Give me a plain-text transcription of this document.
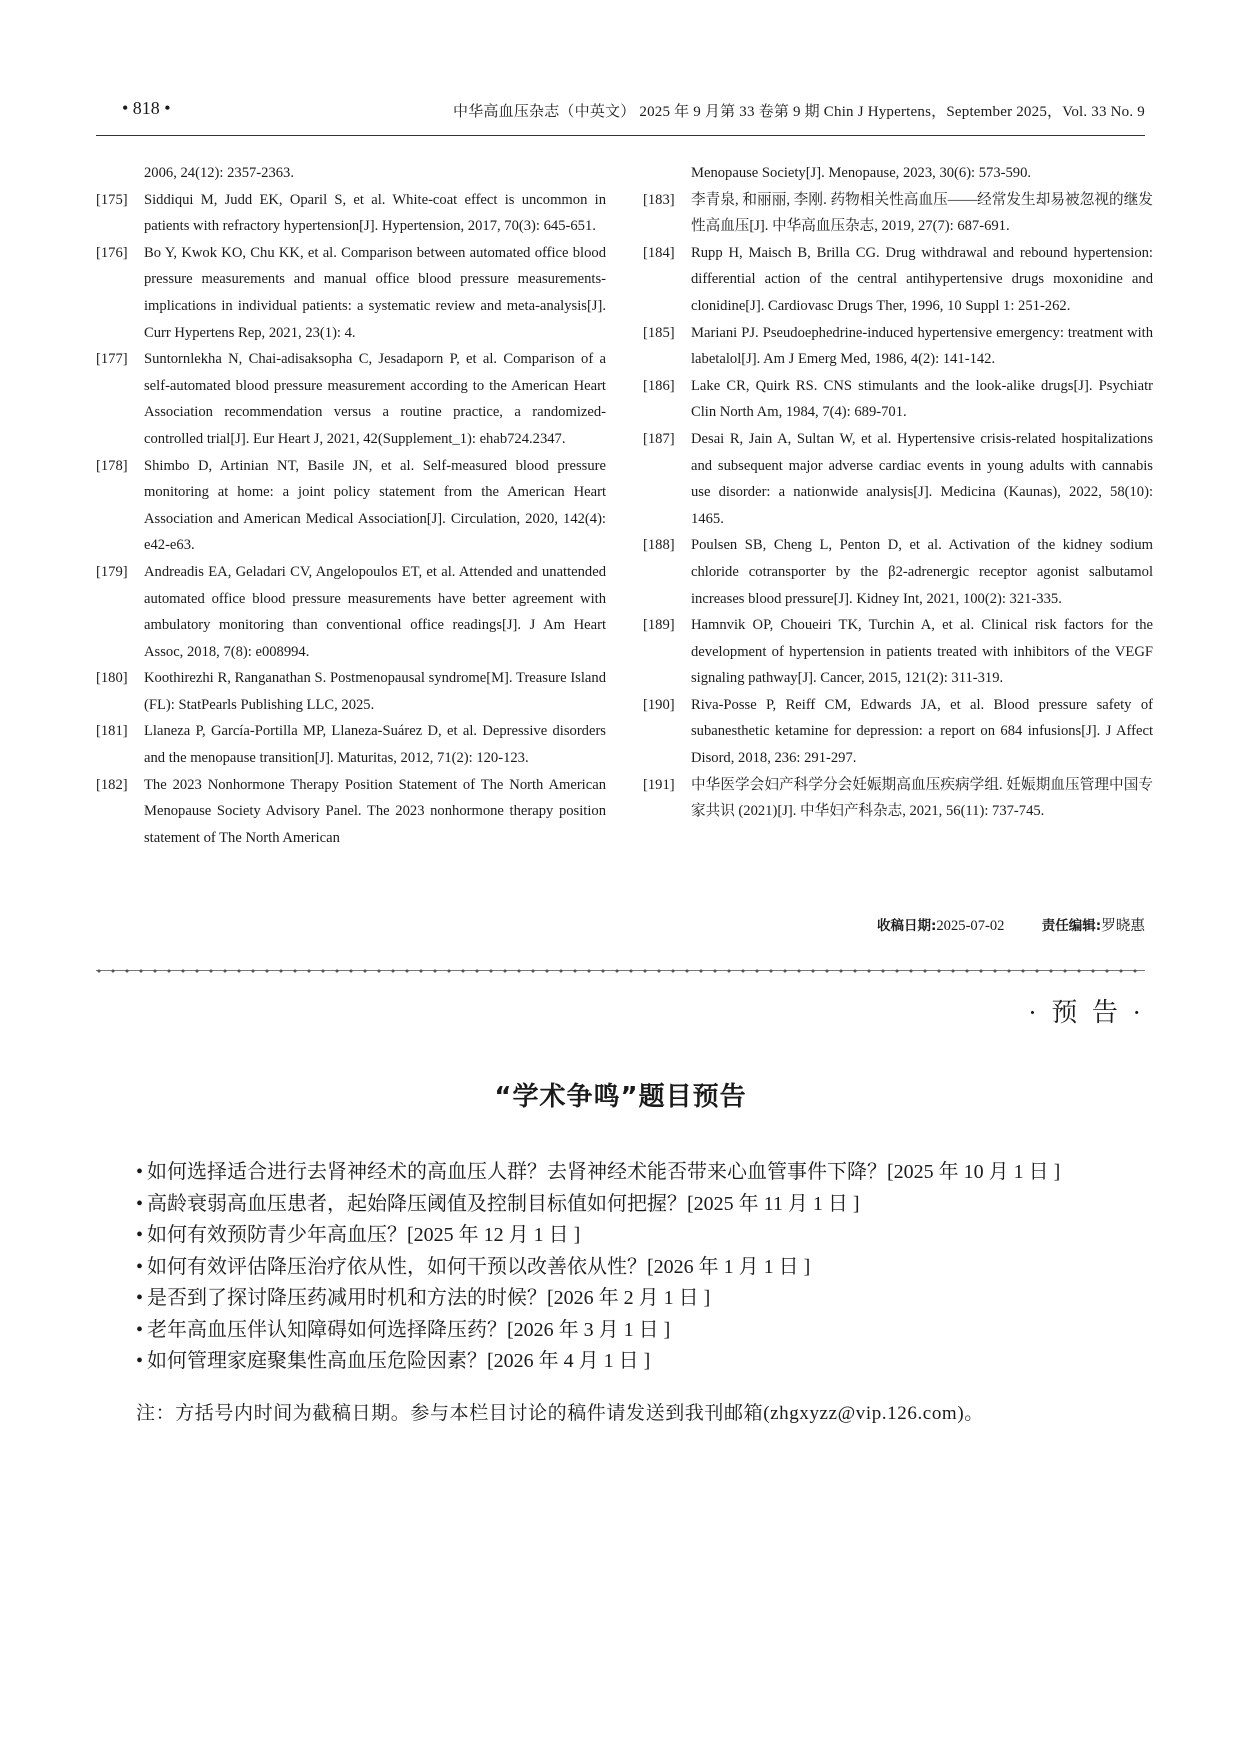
• 818 •	中华高血压杂志（中英文） 2025 年 9 月第 33 卷第 9 期 Chin J Hypertens，September 2025，Vol. 33 No. 9
2006, 24(12): 2357-2363.
[175] Siddiqui M, Judd EK, Oparil S, et al. White-coat effect is uncommon in patients with refractory hypertension[J]. Hypertension, 2017, 70(3): 645-651.
[176] Bo Y, Kwok KO, Chu KK, et al. Comparison between automated office blood pressure measurements and manual office blood pressure measurements-implications in individual patients: a systematic review and meta-analysis[J]. Curr Hypertens Rep, 2021, 23(1): 4.
[177] Suntornlekha N, Chai-adisaksopha C, Jesadaporn P, et al. Comparison of a self-automated blood pressure measurement according to the American Heart Association recommendation versus a routine practice, a randomized-controlled trial[J]. Eur Heart J, 2021, 42(Supplement_1): ehab724.2347.
[178] Shimbo D, Artinian NT, Basile JN, et al. Self-measured blood pressure monitoring at home: a joint policy statement from the American Heart Association and American Medical Association[J]. Circulation, 2020, 142(4): e42-e63.
[179] Andreadis EA, Geladari CV, Angelopoulos ET, et al. Attended and unattended automated office blood pressure measurements have better agreement with ambulatory monitoring than conventional office readings[J]. J Am Heart Assoc, 2018, 7(8): e008994.
[180] Koothirezhi R, Ranganathan S. Postmenopausal syndrome[M]. Treasure Island (FL): StatPearls Publishing LLC, 2025.
[181] Llaneza P, García-Portilla MP, Llaneza-Suárez D, et al. Depressive disorders and the menopause transition[J]. Maturitas, 2012, 71(2): 120-123.
[182] The 2023 Nonhormone Therapy Position Statement of The North American Menopause Society Advisory Panel. The 2023 nonhormone therapy position statement of The North American
Menopause Society[J]. Menopause, 2023, 30(6): 573-590.
[183] 李青泉, 和丽丽, 李刚. 药物相关性高血压——经常发生却易被忽视的继发性高血压[J]. 中华高血压杂志, 2019, 27(7): 687-691.
[184] Rupp H, Maisch B, Brilla CG. Drug withdrawal and rebound hypertension: differential action of the central antihypertensive drugs moxonidine and clonidine[J]. Cardiovasc Drugs Ther, 1996, 10 Suppl 1: 251-262.
[185] Mariani PJ. Pseudoephedrine-induced hypertensive emergency: treatment with labetalol[J]. Am J Emerg Med, 1986, 4(2): 141-142.
[186] Lake CR, Quirk RS. CNS stimulants and the look-alike drugs[J]. Psychiatr Clin North Am, 1984, 7(4): 689-701.
[187] Desai R, Jain A, Sultan W, et al. Hypertensive crisis-related hospitalizations and subsequent major adverse cardiac events in young adults with cannabis use disorder: a nationwide analysis[J]. Medicina (Kaunas), 2022, 58(10): 1465.
[188] Poulsen SB, Cheng L, Penton D, et al. Activation of the kidney sodium chloride cotransporter by the β2-adrenergic receptor agonist salbutamol increases blood pressure[J]. Kidney Int, 2021, 100(2): 321-335.
[189] Hamnvik OP, Choueiri TK, Turchin A, et al. Clinical risk factors for the development of hypertension in patients treated with inhibitors of the VEGF signaling pathway[J]. Cancer, 2015, 121(2): 311-319.
[190] Riva-Posse P, Reiff CM, Edwards JA, et al. Blood pressure safety of subanesthetic ketamine for depression: a report on 684 infusions[J]. J Affect Disord, 2018, 236: 291-297.
[191] 中华医学会妇产科学分会妊娠期高血压疾病学组. 妊娠期血压管理中国专家共识 (2021)[J]. 中华妇产科杂志, 2021, 56(11): 737-745.
收稿日期:2025-07-02	责任编辑:罗晓惠
· 预 告 ·
“学术争鸣”题目预告
• 如何选择适合进行去肾神经术的高血压人群？去肾神经术能否带来心血管事件下降？[2025 年 10 月 1 日 ]
• 高龄衰弱高血压患者，起始降压阈值及控制目标值如何把握？[2025 年 11 月 1 日 ]
• 如何有效预防青少年高血压？[2025 年 12 月 1 日 ]
• 如何有效评估降压治疗依从性，如何干预以改善依从性？[2026 年 1 月 1 日 ]
• 是否到了探讨降压药减用时机和方法的时候？[2026 年 2 月 1 日 ]
• 老年高血压伴认知障碍如何选择降压药？[2026 年 3 月 1 日 ]
• 如何管理家庭聚集性高血压危险因素？[2026 年 4 月 1 日 ]
注：方括号内时间为截稿日期。参与本栏目讨论的稿件请发送到我刊邮箱(zhgxyzz@vip.126.com)。
